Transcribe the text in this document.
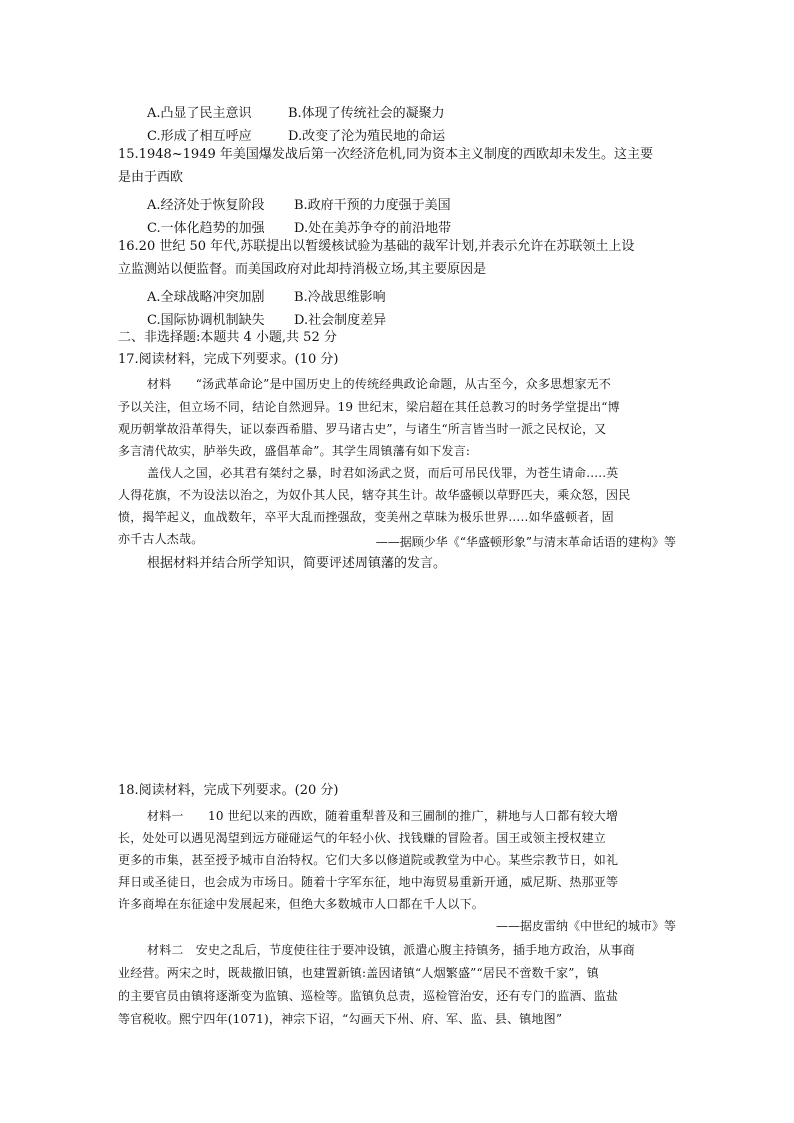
A.凸显了民主意识	B.体现了传统社会的凝聚力
C.形成了相互呼应	D.改变了沦为殖民地的命运
15.1948~1949 年美国爆发战后第一次经济危机,同为资本主义制度的西欧却未发生。这主要
是由于西欧
A.经济处于恢复阶段 B.政府干预的力度强于美国
C.一体化趋势的加强 D.处在美苏争夺的前沿地带
16.20 世纪 50 年代,苏联提出以暂缓核试验为基础的裁军计划,并表示允许在苏联领土上设
立监测站以便监督。而美国政府对此却持消极立场,其主要原因是
A.全球战略冲突加剧 B.冷战思维影响
C.国际协调机制缺失 D.社会制度差异
二、非选择题:本题共 4 小题,共 52 分
17.阅读材料，完成下列要求。(10 分)
材料　　“汤武革命论”是中国历史上的传统经典政论命题，从古至今，众多思想家无不
予以关注，但立场不同，结论自然迥异。19 世纪末，梁启超在其任总教习的时务学堂提出“博
观历朝掌故沿革得失，证以泰西希腊、罗马诸古史”，与诸生“所言皆当时一派之民权论，又
多言清代故实，胪举失政，盛倡革命”。其学生周镇藩有如下发言:
盖伐人之国，必其君有桀纣之暴，时君如汤武之贤，而后可吊民伐罪，为苍生请命.....英
人得花旗，不为设法以治之，为奴仆其人民，辖夺其生计。故华盛顿以草野匹夫，乘众怒，因民
愤，揭竿起义，血战数年，卒平大乱而挫强敌，变美州之草昧为极乐世界.....如华盛顿者，固
亦千古人杰哉。	——据顾少华《“华盛顿形象”与清末革命话语的建构》等
根据材料并结合所学知识，简要评述周镇藩的发言。
18.阅读材料，完成下列要求。(20 分)
材料一　　10 世纪以来的西欧，随着重犁普及和三圃制的推广，耕地与人口都有较大增
长，处处可以遇见渴望到远方碰碰运气的年轻小伙、找钱赚的冒险者。国王或领主授权建立
更多的市集，甚至授予城市自治特权。它们大多以修道院或教堂为中心。某些宗教节日，如礼
拜日或圣徒日，也会成为市场日。随着十字军东征，地中海贸易重新开通，威尼斯、热那亚等
许多商埠在东征途中发展起来，但绝大多数城市人口都在千人以下。
——据皮雷纳《中世纪的城市》等
材料二　安史之乱后，节度使往往于要冲设镇，派遣心腹主持镇务，插手地方政治，从事商
业经营。两宋之时，既裁撤旧镇，也建置新镇:盖因诸镇“人烟繁盛”“居民不啻数千家”，镇
的主要官员由镇将逐渐变为监镇、巡检等。监镇负总责，巡检管治安，还有专门的监酒、监盐
等官税收。熙宁四年(1071)，神宗下诏，“勾画天下州、府、军、监、县、镇地图”
